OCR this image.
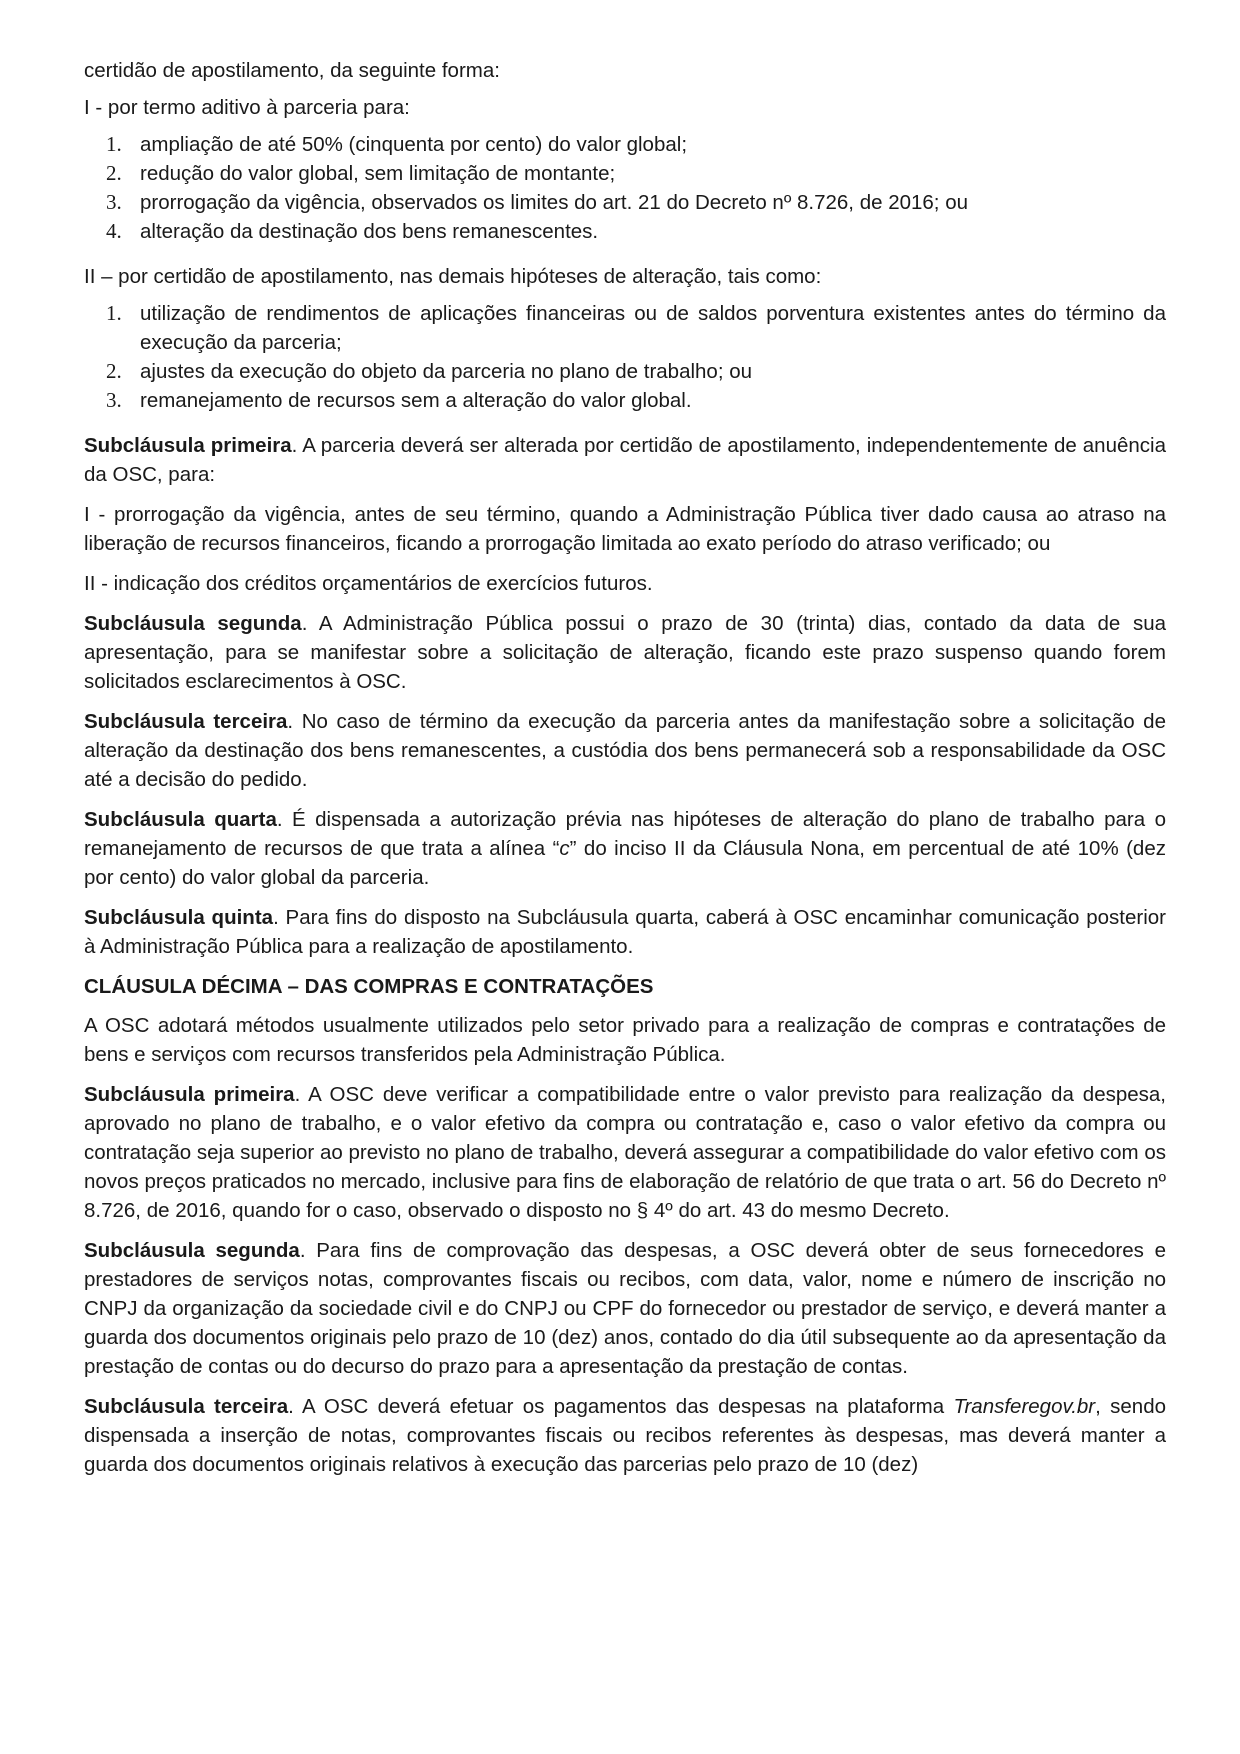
certidão de apostilamento, da seguinte forma:

I - por termo aditivo à parceria para:

1. ampliação de até 50% (cinquenta por cento) do valor global;
2. redução do valor global, sem limitação de montante;
3. prorrogação da vigência, observados os limites do art. 21 do Decreto nº 8.726, de 2016; ou
4. alteração da destinação dos bens remanescentes.

II – por certidão de apostilamento, nas demais hipóteses de alteração, tais como:

1. utilização de rendimentos de aplicações financeiras ou de saldos porventura existentes antes do término da execução da parceria;
2. ajustes da execução do objeto da parceria no plano de trabalho; ou
3. remanejamento de recursos sem a alteração do valor global.

Subcláusula primeira. A parceria deverá ser alterada por certidão de apostilamento, independentemente de anuência da OSC, para:

I - prorrogação da vigência, antes de seu término, quando a Administração Pública tiver dado causa ao atraso na liberação de recursos financeiros, ficando a prorrogação limitada ao exato período do atraso verificado; ou

II - indicação dos créditos orçamentários de exercícios futuros.

Subcláusula segunda. A Administração Pública possui o prazo de 30 (trinta) dias, contado da data de sua apresentação, para se manifestar sobre a solicitação de alteração, ficando este prazo suspenso quando forem solicitados esclarecimentos à OSC.

Subcláusula terceira. No caso de término da execução da parceria antes da manifestação sobre a solicitação de alteração da destinação dos bens remanescentes, a custódia dos bens permanecerá sob a responsabilidade da OSC até a decisão do pedido.

Subcláusula quarta. É dispensada a autorização prévia nas hipóteses de alteração do plano de trabalho para o remanejamento de recursos de que trata a alínea “c” do inciso II da Cláusula Nona, em percentual de até 10% (dez por cento) do valor global da parceria.

Subcláusula quinta. Para fins do disposto na Subcláusula quarta, caberá à OSC encaminhar comunicação posterior à Administração Pública para a realização de apostilamento.

CLÁUSULA DÉCIMA – DAS COMPRAS E CONTRATAÇÕES

A OSC adotará métodos usualmente utilizados pelo setor privado para a realização de compras e contratações de bens e serviços com recursos transferidos pela Administração Pública.

Subcláusula primeira. A OSC deve verificar a compatibilidade entre o valor previsto para realização da despesa, aprovado no plano de trabalho, e o valor efetivo da compra ou contratação e, caso o valor efetivo da compra ou contratação seja superior ao previsto no plano de trabalho, deverá assegurar a compatibilidade do valor efetivo com os novos preços praticados no mercado, inclusive para fins de elaboração de relatório de que trata o art. 56 do Decreto nº 8.726, de 2016, quando for o caso, observado o disposto no § 4º do art. 43 do mesmo Decreto.

Subcláusula segunda. Para fins de comprovação das despesas, a OSC deverá obter de seus fornecedores e prestadores de serviços notas, comprovantes fiscais ou recibos, com data, valor, nome e número de inscrição no CNPJ da organização da sociedade civil e do CNPJ ou CPF do fornecedor ou prestador de serviço, e deverá manter a guarda dos documentos originais pelo prazo de 10 (dez) anos, contado do dia útil subsequente ao da apresentação da prestação de contas ou do decurso do prazo para a apresentação da prestação de contas.

Subcláusula terceira. A OSC deverá efetuar os pagamentos das despesas na plataforma Transferegov.br, sendo dispensada a inserção de notas, comprovantes fiscais ou recibos referentes às despesas, mas deverá manter a guarda dos documentos originais relativos à execução das parcerias pelo prazo de 10 (dez)
